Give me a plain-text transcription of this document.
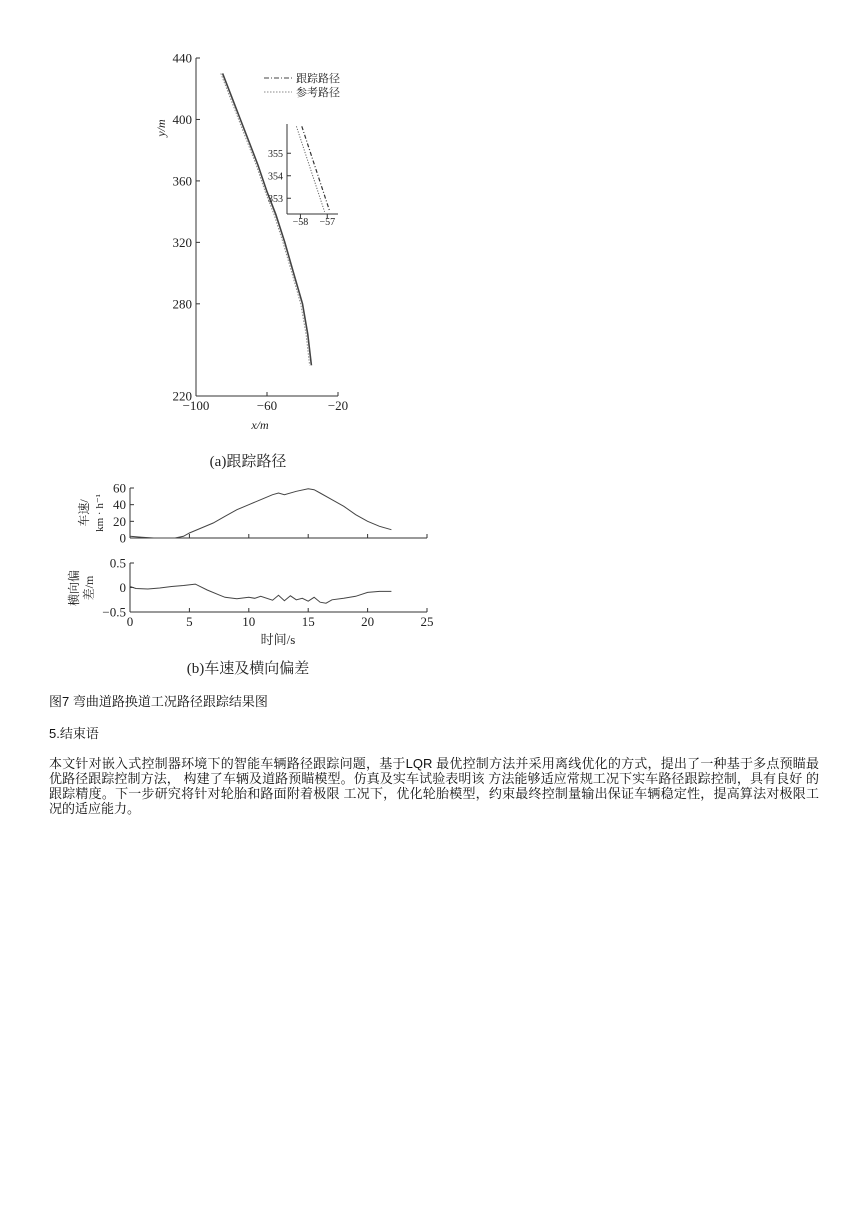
440
400
360
320
280
220
−100	−60	−20
y/m
x/m
跟踪路径
参考路径
355
354
353
−58 −57
(a)跟踪路径
60
40
20
0
车速/ km · h⁻¹
0.5
0
−0.5
0	5	10	15	20	25
横向偏 差/m
时间/s
(b)车速及横向偏差
图7 弯曲道路换道工况路径跟踪结果图
5.结束语
本文针对嵌入式控制器环境下的智能车辆路径跟踪问题，基于LQR 最优控制方法并采用离线优化的方式，提出了一种基于多点预瞄最优路径跟踪控制方法， 构建了车辆及道路预瞄模型。仿真及实车试验表明该 方法能够适应常规工况下实车路径跟踪控制，具有良好 的跟踪精度。下一步研究将针对轮胎和路面附着极限 工况下，优化轮胎模型，约束最终控制量输出保证车辆稳定性，提高算法对极限工况的适应能力。
